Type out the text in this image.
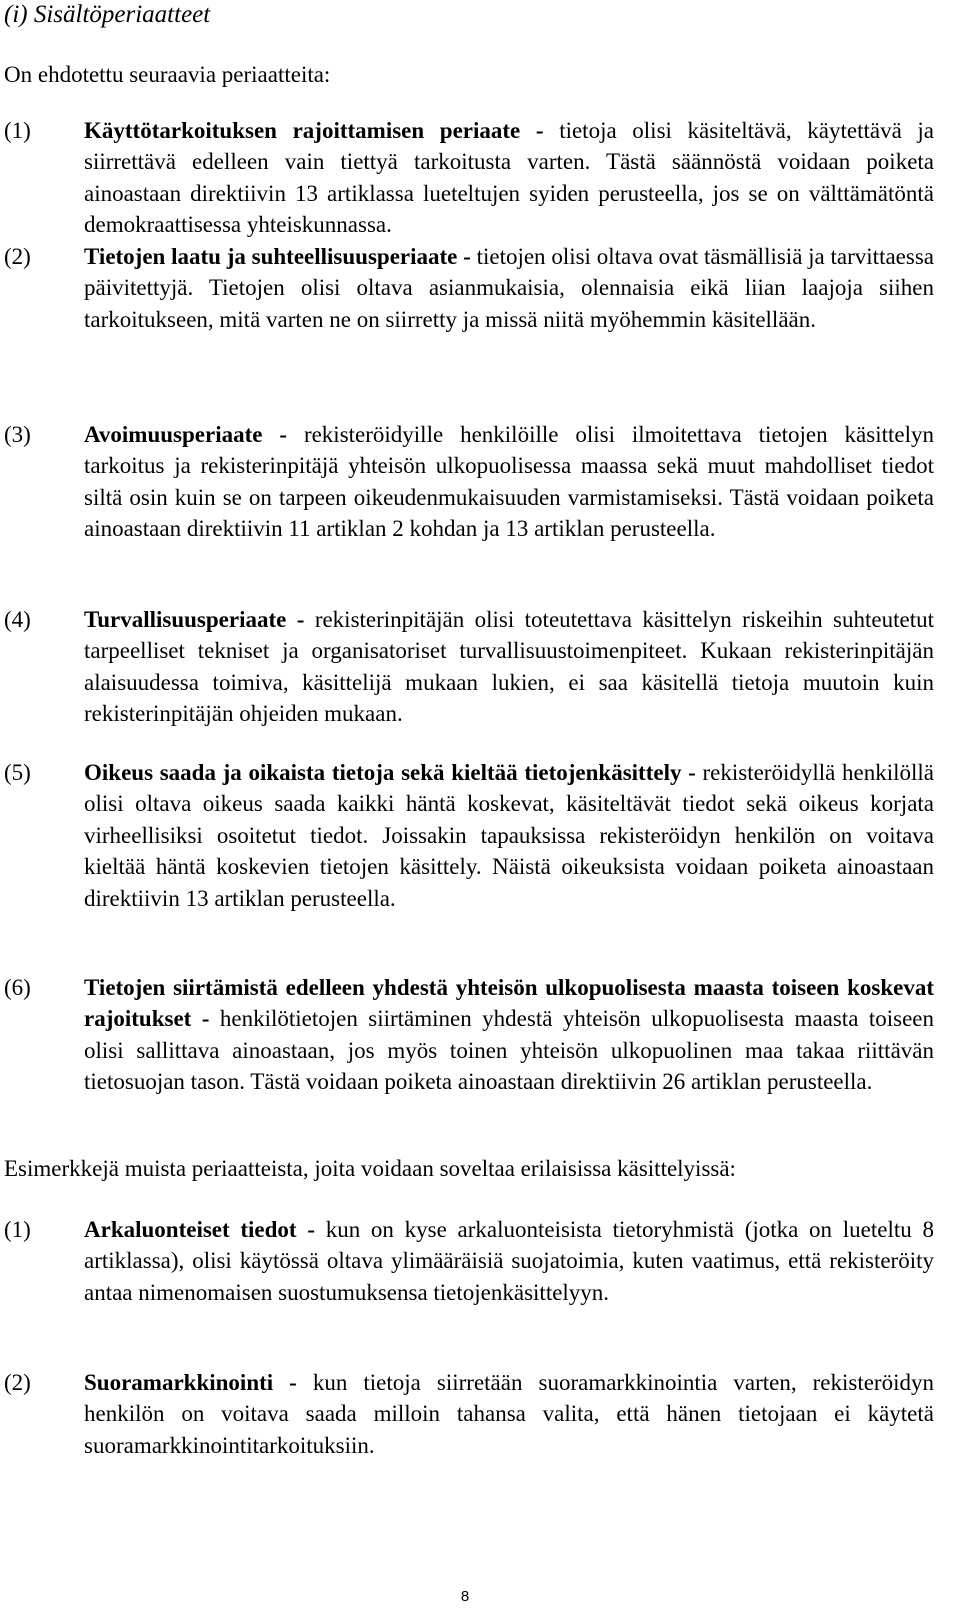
(i) Sisältöperiaatteet
On ehdotettu seuraavia periaatteita:
(1) Käyttötarkoituksen rajoittamisen periaate - tietoja olisi käsiteltävä, käytettävä ja siirrettävä edelleen vain tiettyä tarkoitusta varten. Tästä säännöstä voidaan poiketa ainoastaan direktiivin 13 artiklassa lueteltujen syiden perusteella, jos se on välttämätöntä demokraattisessa yhteiskunnassa.
(2) Tietojen laatu ja suhteellisuusperiaate - tietojen olisi oltava ovat täsmällisiä ja tarvittaessa päivitettyjä. Tietojen olisi oltava asianmukaisia, olennaisia eikä liian laajoja siihen tarkoitukseen, mitä varten ne on siirretty ja missä niitä myöhemmin käsitellään.
(3) Avoimuusperiaate - rekisteröidyille henkilöille olisi ilmoitettava tietojen käsittelyn tarkoitus ja rekisterinpitäjä yhteisön ulkopuolisessa maassa sekä muut mahdolliset tiedot siltä osin kuin se on tarpeen oikeudenmukaisuuden varmistamiseksi. Tästä voidaan poiketa ainoastaan direktiivin 11 artiklan 2 kohdan ja 13 artiklan perusteella.
(4) Turvallisuusperiaate - rekisterinpitäjän olisi toteutettava käsittelyn riskeihin suhteutetut tarpeelliset tekniset ja organisatoriset turvallisuustoimenpiteet. Kukaan rekisterinpitäjän alaisuudessa toimiva, käsittelijä mukaan lukien, ei saa käsitellä tietoja muutoin kuin rekisterinpitäjän ohjeiden mukaan.
(5) Oikeus saada ja oikaista tietoja sekä kieltää tietojenkäsittely - rekisteröidyllä henkilöllä olisi oltava oikeus saada kaikki häntä koskevat, käsiteltävät tiedot sekä oikeus korjata virheellisiksi osoitetut tiedot. Joissakin tapauksissa rekisteröidyn henkilön on voitava kieltää häntä koskevien tietojen käsittely. Näistä oikeuksista voidaan poiketa ainoastaan direktiivin 13 artiklan perusteella.
(6) Tietojen siirtämistä edelleen yhdestä yhteisön ulkopuolisesta maasta toiseen koskevat rajoitukset - henkilötietojen siirtäminen yhdestä yhteisön ulkopuolisesta maasta toiseen olisi sallittava ainoastaan, jos myös toinen yhteisön ulkopuolinen maa takaa riittävän tietosuojan tason. Tästä voidaan poiketa ainoastaan direktiivin 26 artiklan perusteella.
Esimerkkejä muista periaatteista, joita voidaan soveltaa erilaisissa käsittelyissä:
(1) Arkaluonteiset tiedot - kun on kyse arkaluonteisista tietoryhmistä (jotka on lueteltu 8 artiklassa), olisi käytössä oltava ylimääräisiä suojatoimia, kuten vaatimus, että rekisteröity antaa nimenomaisen suostumuksensa tietojenkäsittelyyn.
(2) Suoramarkkinointi - kun tietoja siirretään suoramarkkinointia varten, rekisteröidyn henkilön on voitava saada milloin tahansa valita, että hänen tietojaan ei käytetä suoramarkkinointitarkoituksiin.
8
